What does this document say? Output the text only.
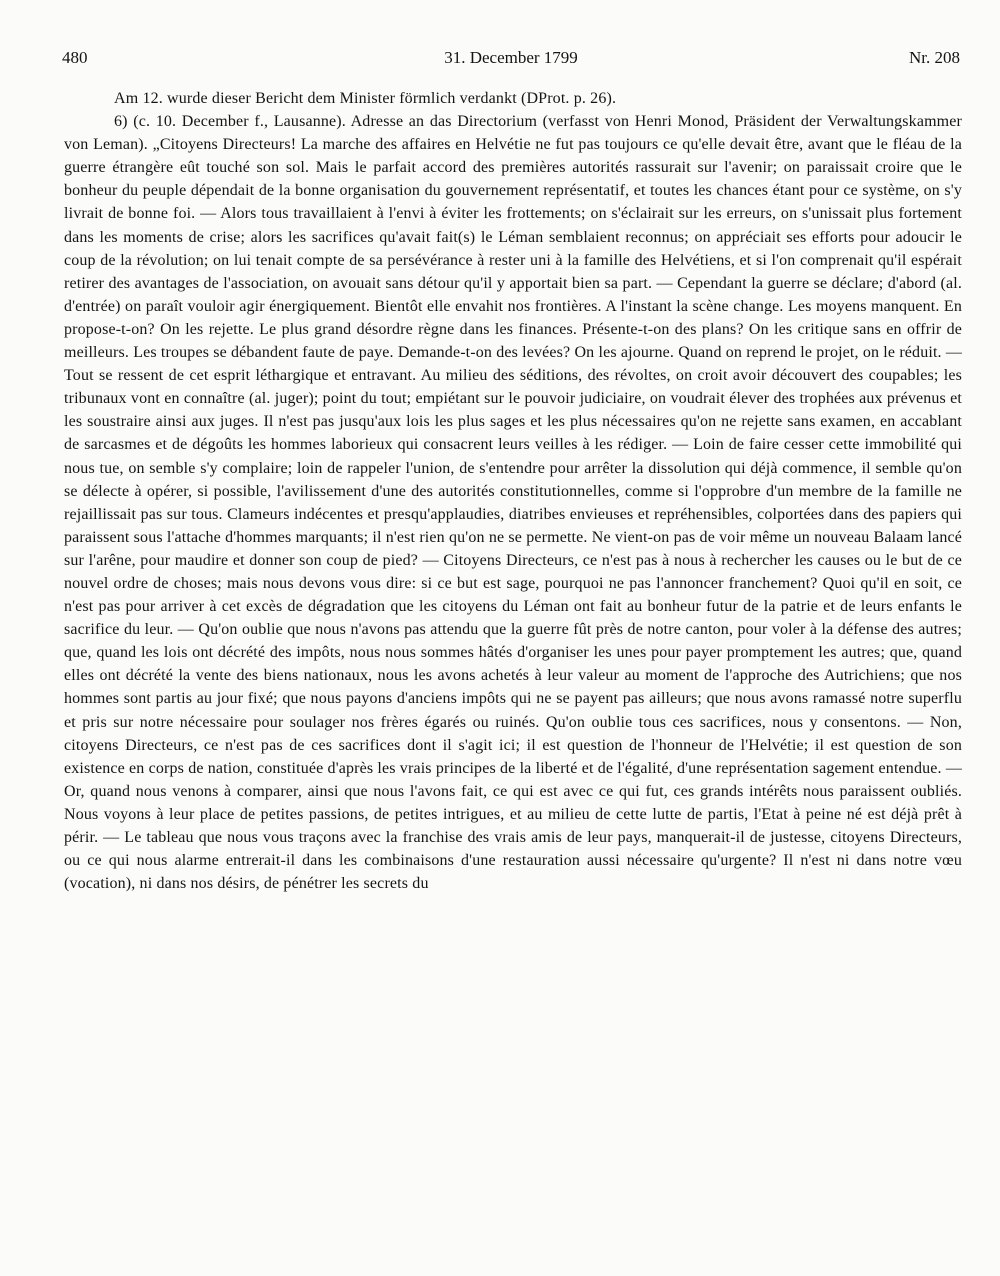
480	31. December 1799	Nr. 208

Am 12. wurde dieser Bericht dem Minister förmlich verdankt (DProt. p. 26).

6) (c. 10. December f., Lausanne). Adresse an das Directorium (verfasst von Henri Monod, Präsident der Verwaltungskammer von Leman). „Citoyens Directeurs! La marche des affaires en Helvétie ne fut pas toujours ce qu'elle devait être, avant que le fléau de la guerre étrangère eût touché son sol. Mais le parfait accord des premières autorités rassurait sur l'avenir; on paraissait croire que le bonheur du peuple dépendait de la bonne organisation du gouvernement représentatif, et toutes les chances étant pour ce système, on s'y livrait de bonne foi. — Alors tous travaillaient à l'envi à éviter les frottements; on s'éclairait sur les erreurs, on s'unissait plus fortement dans les moments de crise; alors les sacrifices qu'avait fait(s) le Léman semblaient reconnus; on appréciait ses efforts pour adoucir le coup de la révolution; on lui tenait compte de sa persévérance à rester uni à la famille des Helvétiens, et si l'on comprenait qu'il espérait retirer des avantages de l'association, on avouait sans détour qu'il y apportait bien sa part. — Cependant la guerre se déclare; d'abord (al. d'entrée) on paraît vouloir agir énergiquement. Bientôt elle envahit nos frontières. A l'instant la scène change. Les moyens manquent. En propose-t-on? On les rejette. Le plus grand désordre règne dans les finances. Présente-t-on des plans? On les critique sans en offrir de meilleurs. Les troupes se débandent faute de paye. Demande-t-on des levées? On les ajourne. Quand on reprend le projet, on le réduit. — Tout se ressent de cet esprit léthargique et entravant. Au milieu des séditions, des révoltes, on croit avoir découvert des coupables; les tribunaux vont en connaître (al. juger); point du tout; empiétant sur le pouvoir judiciaire, on voudrait élever des trophées aux prévenus et les soustraire ainsi aux juges. Il n'est pas jusqu'aux lois les plus sages et les plus nécessaires qu'on ne rejette sans examen, en accablant de sarcasmes et de dégoûts les hommes laborieux qui consacrent leurs veilles à les rédiger. — Loin de faire cesser cette immobilité qui nous tue, on semble s'y complaire; loin de rappeler l'union, de s'entendre pour arrêter la dissolution qui déjà commence, il semble qu'on se délecte à opérer, si possible, l'avilissement d'une des autorités constitutionnelles, comme si l'opprobre d'un membre de la famille ne rejaillissait pas sur tous. Clameurs indécentes et presqu'applaudies, diatribes envieuses et repréhensibles, colportées dans des papiers qui paraissent sous l'attache d'hommes marquants; il n'est rien qu'on ne se permette. Ne vient-on pas de voir même un nouveau Balaam lancé sur l'arêne, pour maudire et donner son coup de pied? — Citoyens Directeurs, ce n'est pas à nous à rechercher les causes ou le but de ce nouvel ordre de choses; mais nous devons vous dire: si ce but est sage, pourquoi ne pas l'annoncer franchement? Quoi qu'il en soit, ce n'est pas pour arriver à cet excès de dégradation que les citoyens du Léman ont fait au bonheur futur de la patrie et de leurs enfants le sacrifice du leur. — Qu'on oublie que nous n'avons pas attendu que la guerre fût près de notre canton, pour voler à la défense des autres; que, quand les lois ont décrété des impôts, nous nous sommes hâtés d'organiser les unes pour payer promptement les autres; que, quand elles ont décrété la vente des biens nationaux, nous les avons achetés à leur valeur au moment de l'approche des Autrichiens; que nos hommes sont partis au jour fixé; que nous payons d'anciens impôts qui ne se payent pas ailleurs; que nous avons ramassé notre superflu et pris sur notre nécessaire pour soulager nos frères égarés ou ruinés. Qu'on oublie tous ces sacrifices, nous y consentons. — Non, citoyens Directeurs, ce n'est pas de ces sacrifices dont il s'agit ici; il est question de l'honneur de l'Helvétie; il est question de son existence en corps de nation, constituée d'après les vrais principes de la liberté et de l'égalité, d'une représentation sagement entendue. — Or, quand nous venons à comparer, ainsi que nous l'avons fait, ce qui est avec ce qui fut, ces grands intérêts nous paraissent oubliés. Nous voyons à leur place de petites passions, de petites intrigues, et au milieu de cette lutte de partis, l'Etat à peine né est déjà prêt à périr. — Le tableau que nous vous traçons avec la franchise des vrais amis de leur pays, manquerait-il de justesse, citoyens Directeurs, ou ce qui nous alarme entrerait-il dans les combinaisons d'une restauration aussi nécessaire qu'urgente? Il n'est ni dans notre vœu (vocation), ni dans nos désirs, de pénétrer les secrets du
